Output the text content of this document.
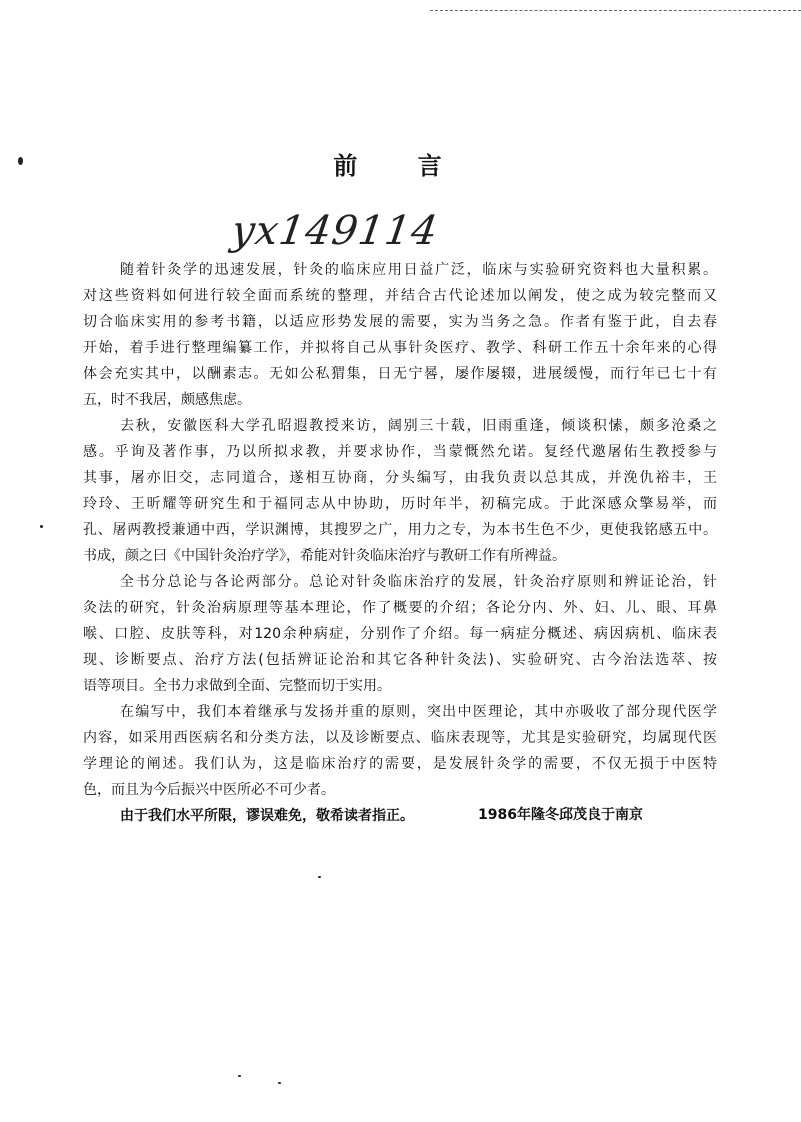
前 言
yx149114
随着针灸学的迅速发展，针灸的临床应用日益广泛，临床与实验研究资料也大量积累。
对这些资料如何进行较全面而系统的整理，并结合古代论述加以阐发，使之成为较完整而又
切合临床实用的参考书籍，以适应形势发展的需要，实为当务之急。作者有鉴于此，自去春
开始，着手进行整理编纂工作，并拟将自己从事针灸医疗、教学、科研工作五十余年来的心得
体会充实其中，以酬素志。无如公私猬集，日无宁晷，屡作屡辍，进展缓慢，而行年已七十有
五，时不我居，颇感焦虑。
去秋，安徽医科大学孔昭遐教授来访，阔别三十载，旧雨重逢，倾谈积愫，颇多沧桑之
感。乎询及著作事，乃以所拟求教，并要求协作，当蒙慨然允诺。复经代邀屠佑生教授参与
其事，屠亦旧交，志同道合，遂相互协商，分头编写，由我负责以总其成，并浼仇裕丰，王
玲玲、王昕耀等研究生和于福同志从中协助，历时年半，初稿完成。于此深感众擎易举，而
孔、屠两教授兼通中西，学识渊博，其搜罗之广，用力之专，为本书生色不少，更使我铭感五中。
书成，颜之曰《中国针灸治疗学》，希能对针灸临床治疗与教研工作有所裨益。
全书分总论与各论两部分。总论对针灸临床治疗的发展，针灸治疗原则和辨证论治，针
灸法的研究，针灸治病原理等基本理论，作了概要的介绍；各论分内、外、妇、儿、眼、耳鼻
喉、口腔、皮肤等科，对120余种病症，分别作了介绍。每一病症分概述、病因病机、临床表
现、诊断要点、治疗方法(包括辨证论治和其它各种针灸法)、实验研究、古今治法选萃、按
语等项目。全书力求做到全面、完整而切于实用。
在编写中，我们本着继承与发扬并重的原则，突出中医理论，其中亦吸收了部分现代医学
内容，如采用西医病名和分类方法，以及诊断要点、临床表现等，尤其是实验研究，均属现代医
学理论的阐述。我们认为，这是临床治疗的需要，是发展针灸学的需要，不仅无损于中医特
色，而且为今后振兴中医所必不可少者。
由于我们水平所限，谬误难免，敬希读者指正。	1986年隆冬邱茂良于南京
